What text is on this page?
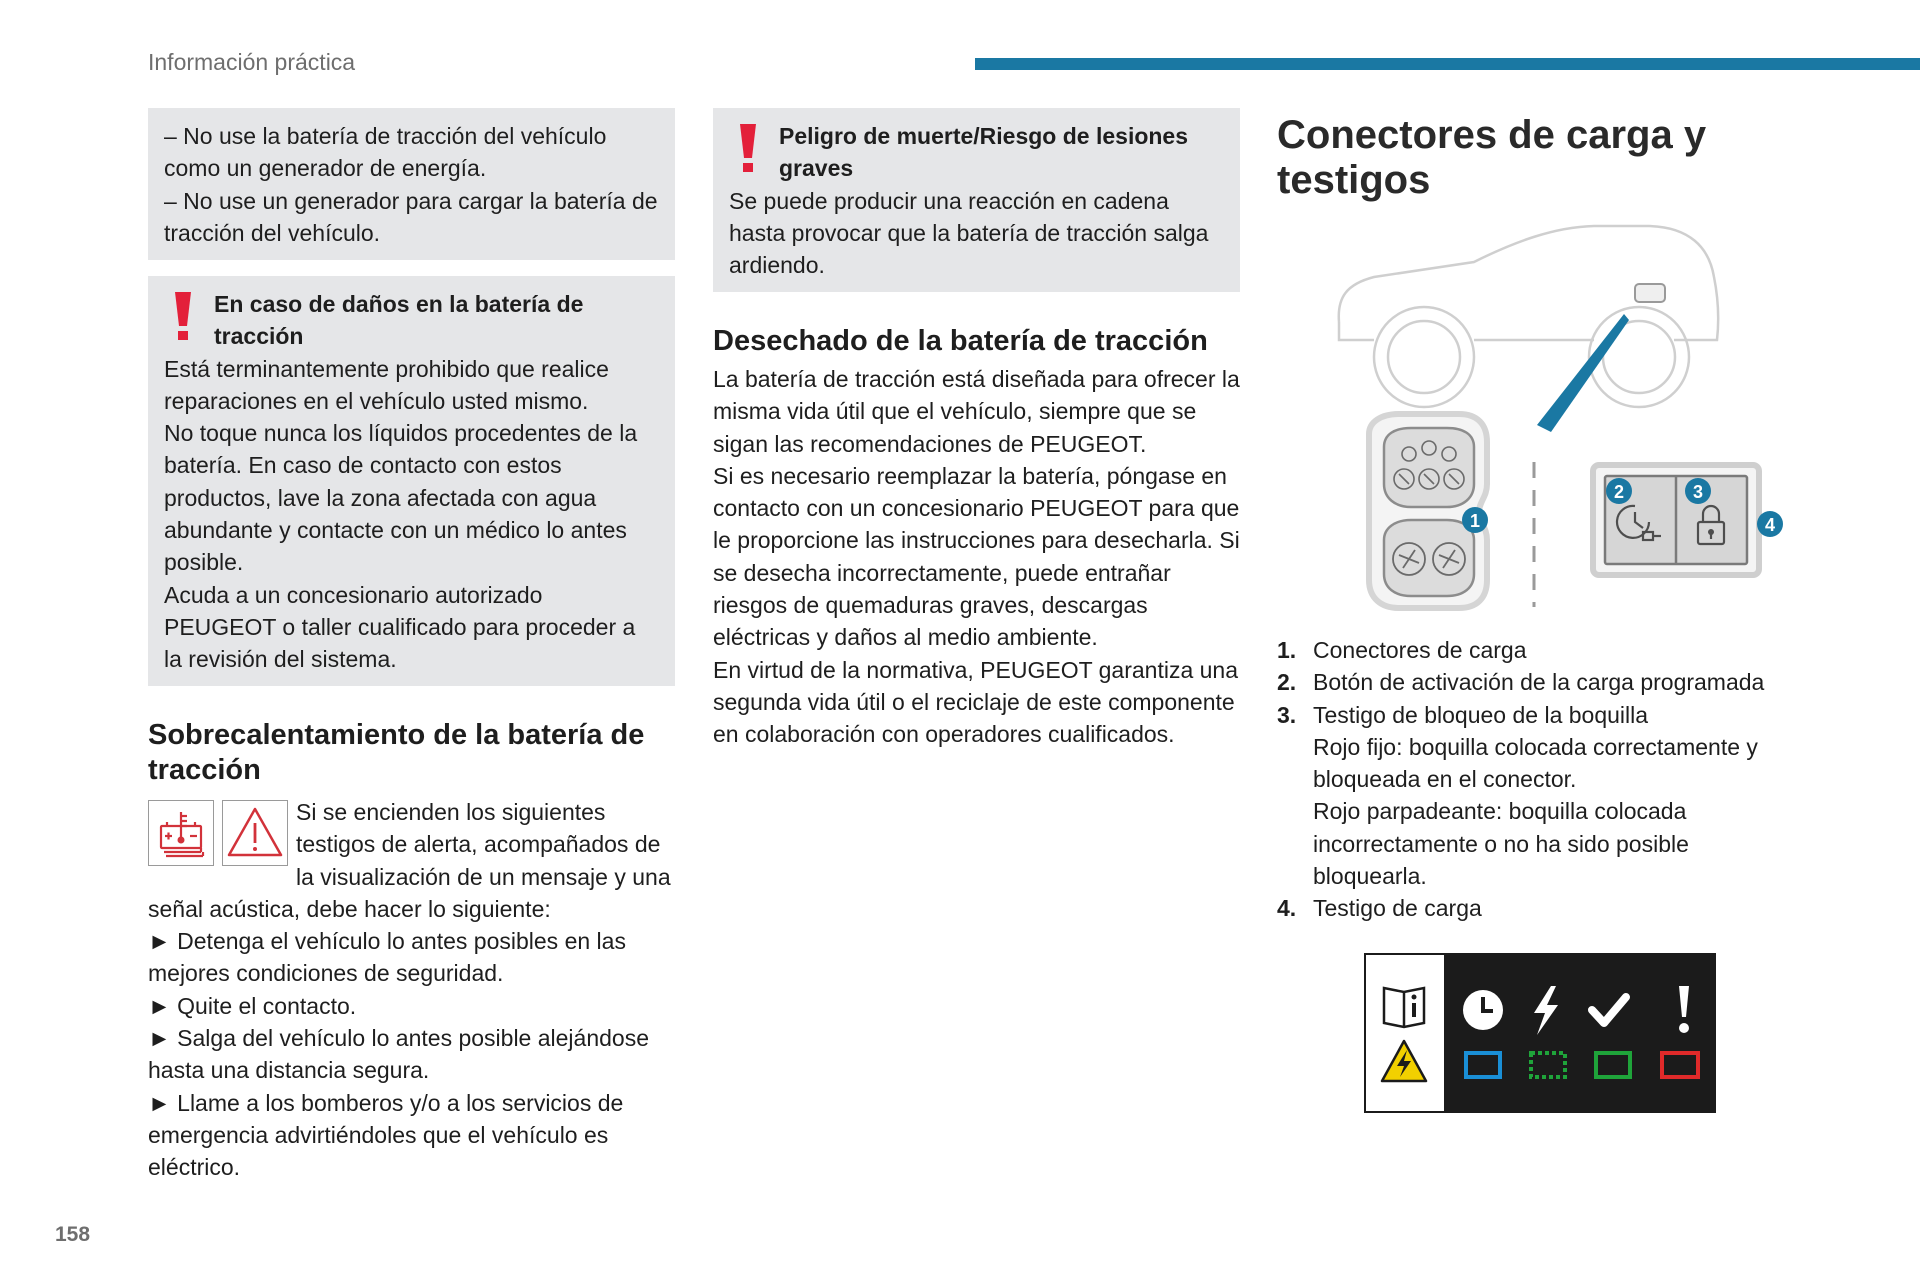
Información práctica
158
– No use la batería de tracción del vehículo como un generador de energía.
– No use un generador para cargar la batería de tracción del vehículo.
En caso de daños en la batería de tracción
Está terminantemente prohibido que realice reparaciones en el vehículo usted mismo.
No toque nunca los líquidos procedentes de la batería. En caso de contacto con estos productos, lave la zona afectada con agua abundante y contacte con un médico lo antes posible.
Acuda a un concesionario autorizado PEUGEOT o taller cualificado para proceder a la revisión del sistema.
Sobrecalentamiento de la batería de tracción
Si se encienden los siguientes testigos de alerta, acompañados de la visualización de un mensaje y una señal acústica, debe hacer lo siguiente:
► Detenga el vehículo lo antes posibles en las mejores condiciones de seguridad.
► Quite el contacto.
► Salga del vehículo lo antes posible alejándose hasta una distancia segura.
► Llame a los bomberos y/o a los servicios de emergencia advirtiéndoles que el vehículo es eléctrico.
Peligro de muerte/Riesgo de lesiones graves
Se puede producir una reacción en cadena hasta provocar que la batería de tracción salga ardiendo.
Desechado de la batería de tracción
La batería de tracción está diseñada para ofrecer la misma vida útil que el vehículo, siempre que se sigan las recomendaciones de PEUGEOT.
Si es necesario reemplazar la batería, póngase en contacto con un concesionario PEUGEOT para que le proporcione las instrucciones para desecharla. Si se desecha incorrectamente, puede entrañar riesgos de quemaduras graves, descargas eléctricas y daños al medio ambiente.
En virtud de la normativa, PEUGEOT garantiza una segunda vida útil o el reciclaje de este componente en colaboración con operadores cualificados.
Conectores de carga y testigos
1
2	3
4
1. Conectores de carga
2. Botón de activación de la carga programada
3. Testigo de bloqueo de la boquilla
Rojo fijo: boquilla colocada correctamente y bloqueada en el conector.
Rojo parpadeante: boquilla colocada incorrectamente o no ha sido posible bloquearla.
4. Testigo de carga
